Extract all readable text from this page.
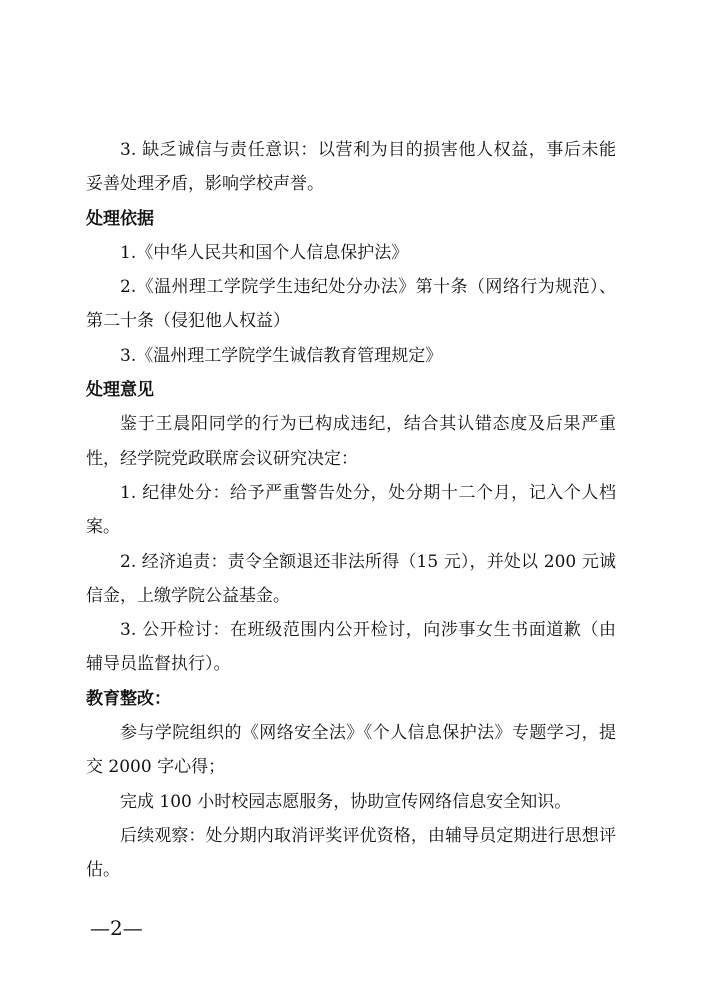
3. 缺乏诚信与责任意识：以营利为目的损害他人权益，事后未能妥善处理矛盾，影响学校声誉。

处理依据

1.《中华人民共和国个人信息保护法》

2.《温州理工学院学生违纪处分办法》第十条（网络行为规范）、第二十条（侵犯他人权益）

3.《温州理工学院学生诚信教育管理规定》

处理意见

鉴于王晨阳同学的行为已构成违纪，结合其认错态度及后果严重性，经学院党政联席会议研究决定：

1. 纪律处分：给予严重警告处分，处分期十二个月，记入个人档案。

2. 经济追责：责令全额退还非法所得（15 元），并处以 200 元诚信金，上缴学院公益基金。

3. 公开检讨：在班级范围内公开检讨，向涉事女生书面道歉（由辅导员监督执行）。

教育整改：

参与学院组织的《网络安全法》《个人信息保护法》专题学习，提交 2000 字心得；

完成 100 小时校园志愿服务，协助宣传网络信息安全知识。

后续观察：处分期内取消评奖评优资格，由辅导员定期进行思想评估。

—2—
